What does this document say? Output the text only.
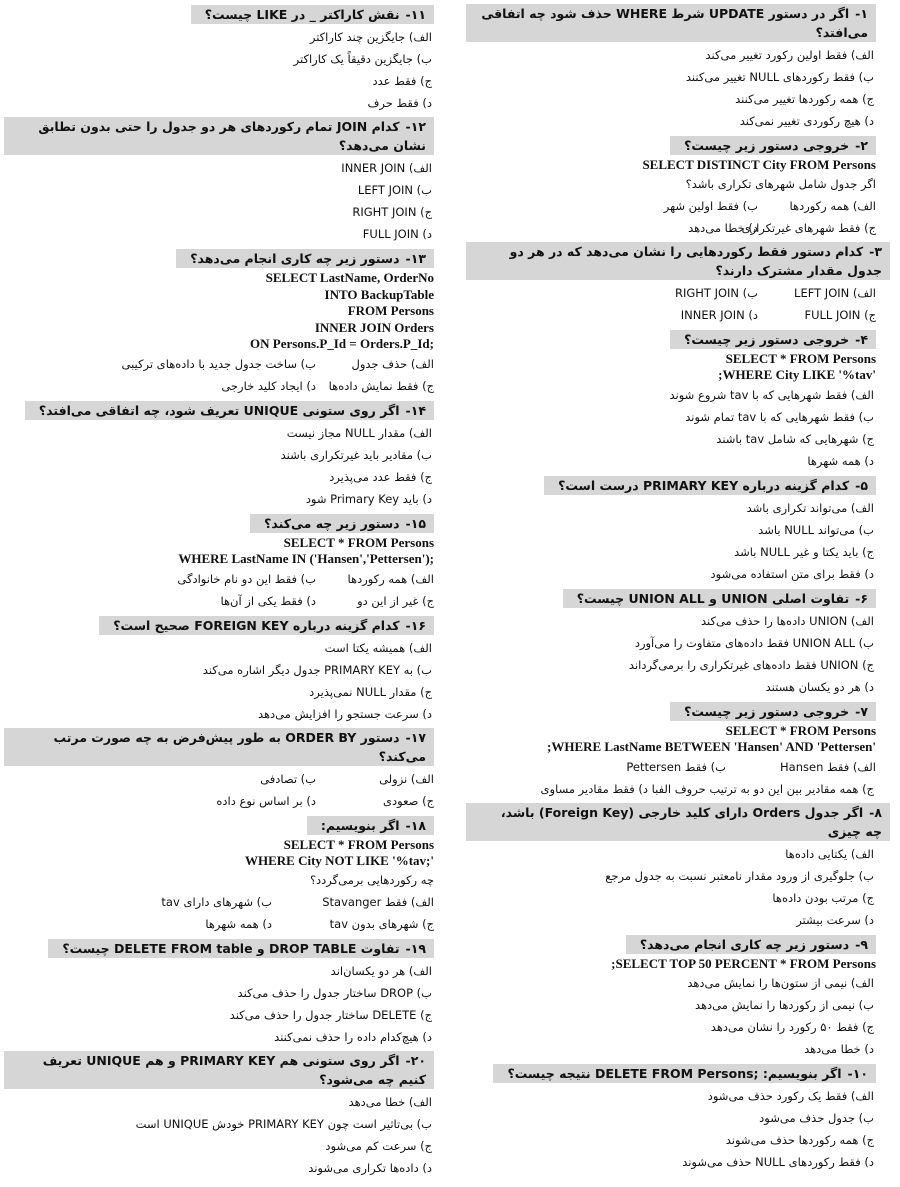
۱-اگر در دستور UPDATE شرط WHERE حذف شود چه اتفاقی می‌افتد؟
الف) فقط اولین رکورد تغییر می‌کند
ب) فقط رکوردهای NULL تغییر می‌کنند
ج) همه رکوردها تغییر می‌کنند
د) هیچ رکوردی تغییر نمی‌کند
۲-خروجی دستور زیر چیست؟
SELECT DISTINCT City FROM Persons
اگر جدول شامل شهرهای تکراری باشد؟
الف) همه رکوردهاب) فقط اولین شهر
ج) فقط شهرهای غیرتکرارید) خطا می‌دهد
۳-کدام دستور فقط رکوردهایی را نشان می‌دهد که در هر دو جدول مقدار مشترک دارند؟
الف) LEFT JOINب) RIGHT JOIN
ج) FULL JOINد) INNER JOIN
۴-خروجی دستور زیر چیست؟
SELECT * FROM Persons
;WHERE City LIKE '%tav'
الف) فقط شهرهایی که با tav شروع شوند
ب) فقط شهرهایی که با tav تمام شوند
ج) شهرهایی که شامل tav باشند
د) همه شهرها
۵-کدام گزینه درباره PRIMARY KEY درست است؟
الف) می‌تواند تکراری باشد
ب) می‌تواند NULL باشد
ج) باید یکتا و غیر NULL باشد
د) فقط برای متن استفاده می‌شود
۶-تفاوت اصلی UNION و UNION ALL چیست؟
الف) UNION داده‌ها را حذف می‌کند
ب) UNION ALL فقط داده‌های متفاوت را می‌آورد
ج) UNION فقط داده‌های غیرتکراری را برمی‌گرداند
د) هر دو یکسان هستند
۷-خروجی دستور زیر چیست؟
SELECT * FROM Persons
;WHERE LastName BETWEEN 'Hansen' AND 'Pettersen'
الف) فقط Hansenب) فقط Pettersen
ج) همه مقادیر بین این دو به ترتیب حروف الفبا د) فقط مقادیر مساوی
۸-اگر جدول Orders دارای کلید خارجی (Foreign Key) باشد، چه چیزی
الف) یکتایی داده‌ها
ب) جلوگیری از ورود مقدار نامعتبر نسبت به جدول مرجع
ج) مرتب بودن داده‌ها
د) سرعت بیشتر
۹-دستور زیر چه کاری انجام می‌دهد؟
;SELECT TOP 50 PERCENT * FROM Persons
الف) نیمی از ستون‌ها را نمایش می‌دهد
ب) نیمی از رکوردها را نمایش می‌دهد
ج) فقط ۵۰ رکورد را نشان می‌دهد
د) خطا می‌دهد
۱۰-اگر بنویسیم: ;DELETE FROM Persons نتیجه چیست؟
الف) فقط یک رکورد حذف می‌شود
ب) جدول حذف می‌شود
ج) همه رکوردها حذف می‌شوند
د) فقط رکوردهای NULL حذف می‌شوند
۱۱-نقش کاراکتر _ در LIKE چیست؟
الف) جایگزین چند کاراکتر
ب) جایگزین دقیقاً یک کاراکتر
ج) فقط عدد
د) فقط حرف
۱۲-کدام JOIN تمام رکوردهای هر دو جدول را حتی بدون تطابق نشان می‌دهد؟
الف) INNER JOIN
ب) LEFT JOIN
ج) RIGHT JOIN
د) FULL JOIN
۱۳-دستور زیر چه کاری انجام می‌دهد؟
SELECT LastName, OrderNo
INTO BackupTable
FROM Persons
INNER JOIN Orders
ON Persons.P_Id = Orders.P_Id;
الف) حذف جدولب) ساخت جدول جدید با داده‌های ترکیبی
ج) فقط نمایش داده‌هاد) ایجاد کلید خارجی
۱۴-اگر روی ستونی UNIQUE تعریف شود، چه اتفاقی می‌افتد؟
الف) مقدار NULL مجاز نیست
ب) مقادیر باید غیرتکراری باشند
ج) فقط عدد می‌پذیرد
د) باید Primary Key شود
۱۵-دستور زیر چه می‌کند؟
SELECT * FROM Persons
WHERE LastName IN ('Hansen','Pettersen');
الف) همه رکوردهاب) فقط این دو نام خانوادگی
ج) غیر از این دود) فقط یکی از آن‌ها
۱۶-کدام گزینه درباره FOREIGN KEY صحیح است؟
الف) همیشه یکتا است
ب) به PRIMARY KEY جدول دیگر اشاره می‌کند
ج) مقدار NULL نمی‌پذیرد
د) سرعت جستجو را افزایش می‌دهد
۱۷-دستور ORDER BY به طور پیش‌فرض به چه صورت مرتب می‌کند؟
الف) نزولیب) تصادفی
ج) صعودید) بر اساس نوع داده
۱۸-اگر بنویسیم:
SELECT * FROM Persons
WHERE City NOT LIKE '%tav;'
چه رکوردهایی برمی‌گردد؟
الف) فقط Stavangerب) شهرهای دارای tav
ج) شهرهای بدون tavد) همه شهرها
۱۹-تفاوت DROP TABLE و DELETE FROM table چیست؟
الف) هر دو یکسان‌اند
ب) DROP ساختار جدول را حذف می‌کند
ج) DELETE ساختار جدول را حذف می‌کند
د) هیچ‌کدام داده را حذف نمی‌کنند
۲۰-اگر روی ستونی هم PRIMARY KEY و هم UNIQUE تعریف کنیم چه می‌شود؟
الف) خطا می‌دهد
ب) بی‌تاثیر است چون PRIMARY KEY خودش UNIQUE است
ج) سرعت کم می‌شود
د) داده‌ها تکراری می‌شوند
